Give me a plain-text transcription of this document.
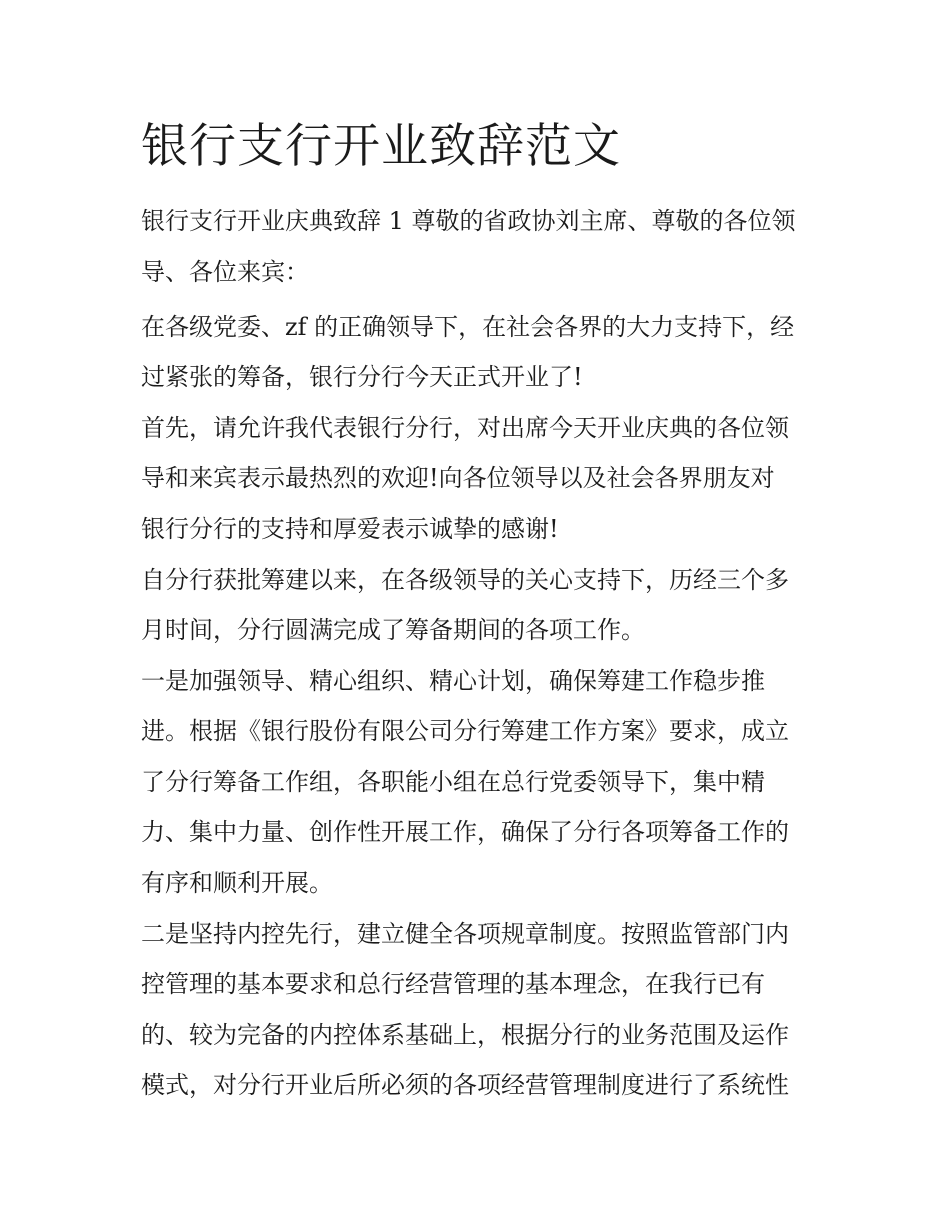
银行支行开业致辞范文

银行支行开业庆典致辞 1 尊敬的省政协刘主席、尊敬的各位领

导、各位来宾：

在各级党委、zf 的正确领导下，在社会各界的大力支持下，经

过紧张的筹备，银行分行今天正式开业了!

首先，请允许我代表银行分行，对出席今天开业庆典的各位领

导和来宾表示最热烈的欢迎!向各位领导以及社会各界朋友对

银行分行的支持和厚爱表示诚挚的感谢!

自分行获批筹建以来，在各级领导的关心支持下，历经三个多

月时间，分行圆满完成了筹备期间的各项工作。

一是加强领导、精心组织、精心计划，确保筹建工作稳步推

进。根据《银行股份有限公司分行筹建工作方案》要求，成立

了分行筹备工作组，各职能小组在总行党委领导下，集中精

力、集中力量、创作性开展工作，确保了分行各项筹备工作的

有序和顺利开展。

二是坚持内控先行，建立健全各项规章制度。按照监管部门内

控管理的基本要求和总行经营管理的基本理念，在我行已有

的、较为完备的内控体系基础上，根据分行的业务范围及运作

模式，对分行开业后所必须的各项经营管理制度进行了系统性
